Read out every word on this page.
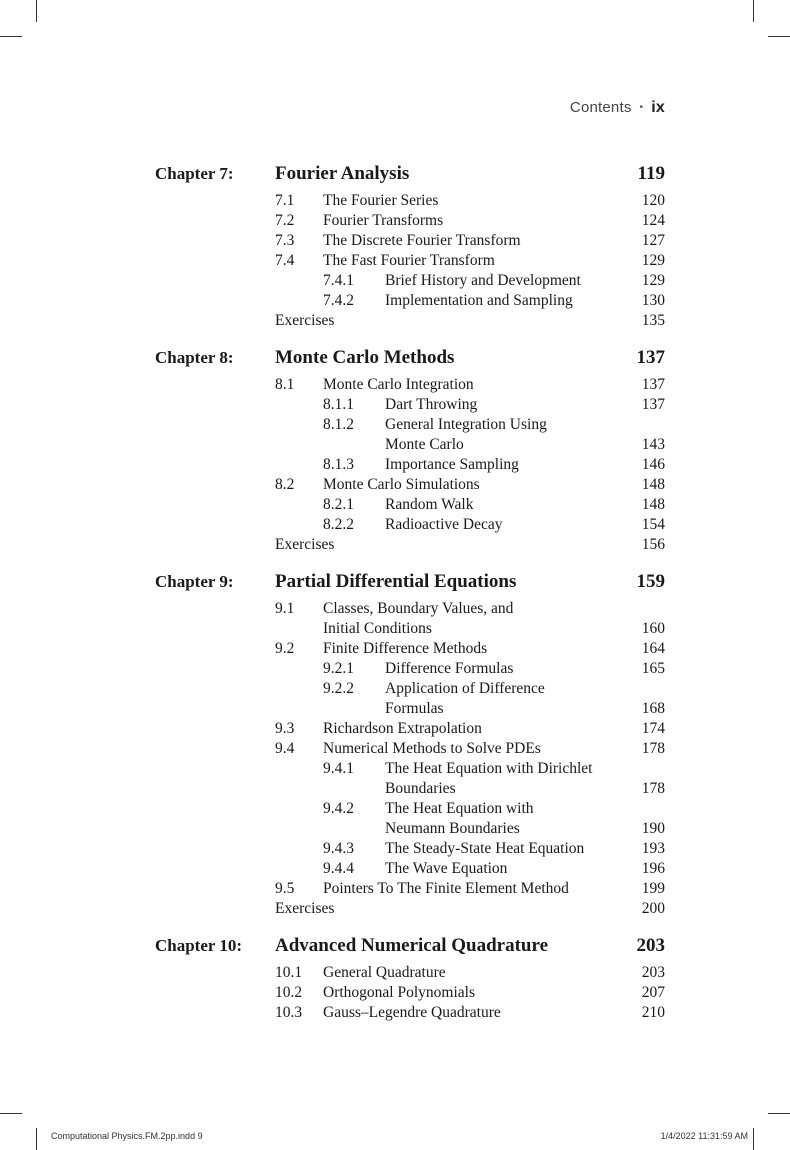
Contents • ix
Chapter 7:	Fourier Analysis	119
7.1	The Fourier Series	120
7.2	Fourier Transforms	124
7.3	The Discrete Fourier Transform	127
7.4	The Fast Fourier Transform	129
7.4.1	Brief History and Development	129
7.4.2	Implementation and Sampling	130
Exercises	135
Chapter 8:	Monte Carlo Methods	137
8.1	Monte Carlo Integration	137
8.1.1	Dart Throwing	137
8.1.2	General Integration Using
Monte Carlo	143
8.1.3	Importance Sampling	146
8.2	Monte Carlo Simulations	148
8.2.1	Random Walk	148
8.2.2	Radioactive Decay	154
Exercises	156
Chapter 9:	Partial Differential Equations	159
9.1	Classes, Boundary Values, and
Initial Conditions	160
9.2	Finite Difference Methods	164
9.2.1	Difference Formulas	165
9.2.2	Application of Difference
Formulas	168
9.3	Richardson Extrapolation	174
9.4	Numerical Methods to Solve PDEs	178
9.4.1	The Heat Equation with Dirichlet
Boundaries	178
9.4.2	The Heat Equation with
Neumann Boundaries	190
9.4.3	The Steady-State Heat Equation	193
9.4.4	The Wave Equation	196
9.5	Pointers To The Finite Element Method	199
Exercises	200
Chapter 10:	Advanced Numerical Quadrature	203
10.1	General Quadrature	203
10.2	Orthogonal Polynomials	207
10.3	Gauss–Legendre Quadrature	210
Computational Physics.FM.2pp.indd 9	1/4/2022 11:31:59 AM
